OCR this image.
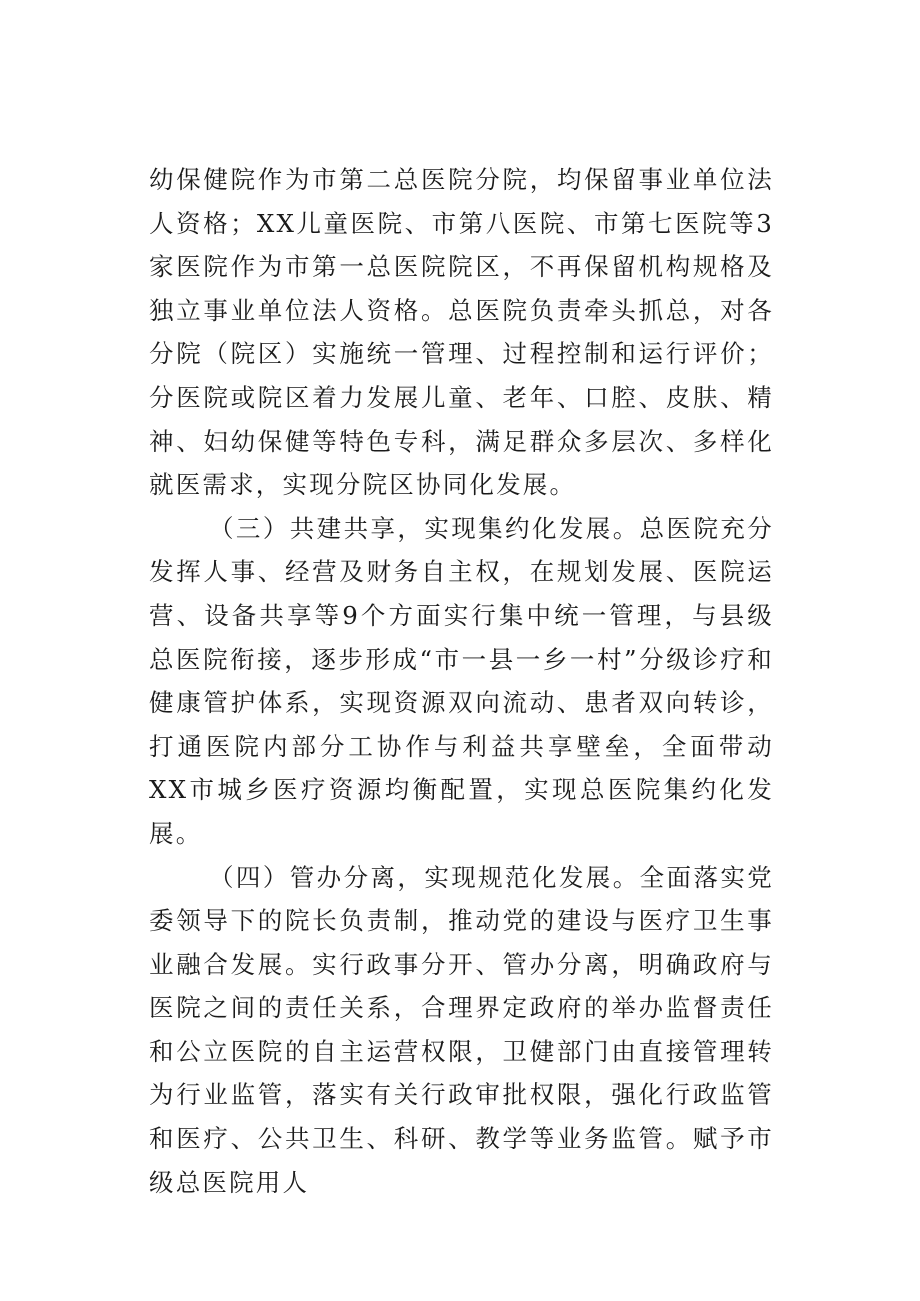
幼保健院作为市第二总医院分院，均保留事业单位法人资格；XX儿童医院、市第八医院、市第七医院等3家医院作为市第一总医院院区，不再保留机构规格及独立事业单位法人资格。总医院负责牵头抓总，对各分院（院区）实施统一管理、过程控制和运行评价；分医院或院区着力发展儿童、老年、口腔、皮肤、精神、妇幼保健等特色专科，满足群众多层次、多样化就医需求，实现分院区协同化发展。

（三）共建共享，实现集约化发展。总医院充分发挥人事、经营及财务自主权，在规划发展、医院运营、设备共享等9个方面实行集中统一管理，与县级总医院衔接，逐步形成“市一县一乡一村”分级诊疗和健康管护体系，实现资源双向流动、患者双向转诊，打通医院内部分工协作与利益共享壁垒，全面带动XX市城乡医疗资源均衡配置，实现总医院集约化发展。

（四）管办分离，实现规范化发展。全面落实党委领导下的院长负责制，推动党的建设与医疗卫生事业融合发展。实行政事分开、管办分离，明确政府与医院之间的责任关系，合理界定政府的举办监督责任和公立医院的自主运营权限，卫健部门由直接管理转为行业监管，落实有关行政审批权限，强化行政监管和医疗、公共卫生、科研、教学等业务监管。赋予市级总医院用人
